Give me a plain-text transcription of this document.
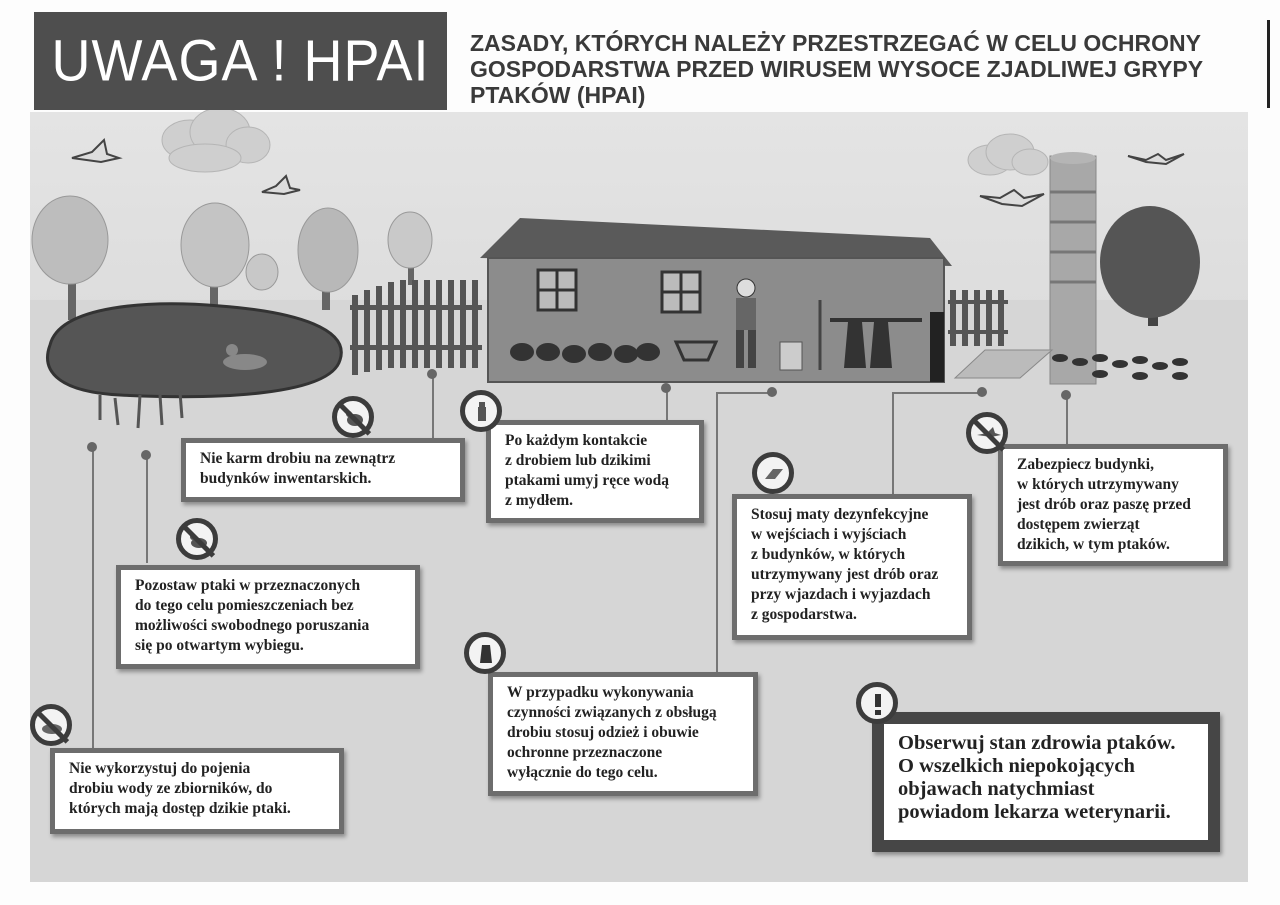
UWAGA ! HPAI ZASADY, KTÓRYCH NALEŻY PRZESTRZEGAĆ W CELU OCHRONY
GOSPODARSTWA PRZED WIRUSEM WYSOCE ZJADLIWEJ GRYPY
PTAKÓW (HPAI)
Nie karm drobiu na zewnątrz
budynków inwentarskich.
Po każdym kontakcie
z drobiem lub dzikimi
ptakami umyj ręce wodą
z mydłem.
Zabezpiecz budynki,
w których utrzymywany
jest drób oraz paszę przed
dostępem zwierząt
dzikich, w tym ptaków.
Stosuj maty dezynfekcyjne
w wejściach i wyjściach
z budynków, w których
utrzymywany jest drób oraz
przy wjazdach i wyjazdach
z gospodarstwa.
Pozostaw ptaki w przeznaczonych
do tego celu pomieszczeniach bez
możliwości swobodnego poruszania
się po otwartym wybiegu.
W przypadku wykonywania
czynności związanych z obsługą
drobiu stosuj odzież i obuwie
ochronne przeznaczone
wyłącznie do tego celu.
Nie wykorzystuj do pojenia
drobiu wody ze zbiorników, do
których mają dostęp dzikie ptaki.
Obserwuj stan zdrowia ptaków.
O wszelkich niepokojących
objawach natychmiast
powiadom lekarza weterynarii.
